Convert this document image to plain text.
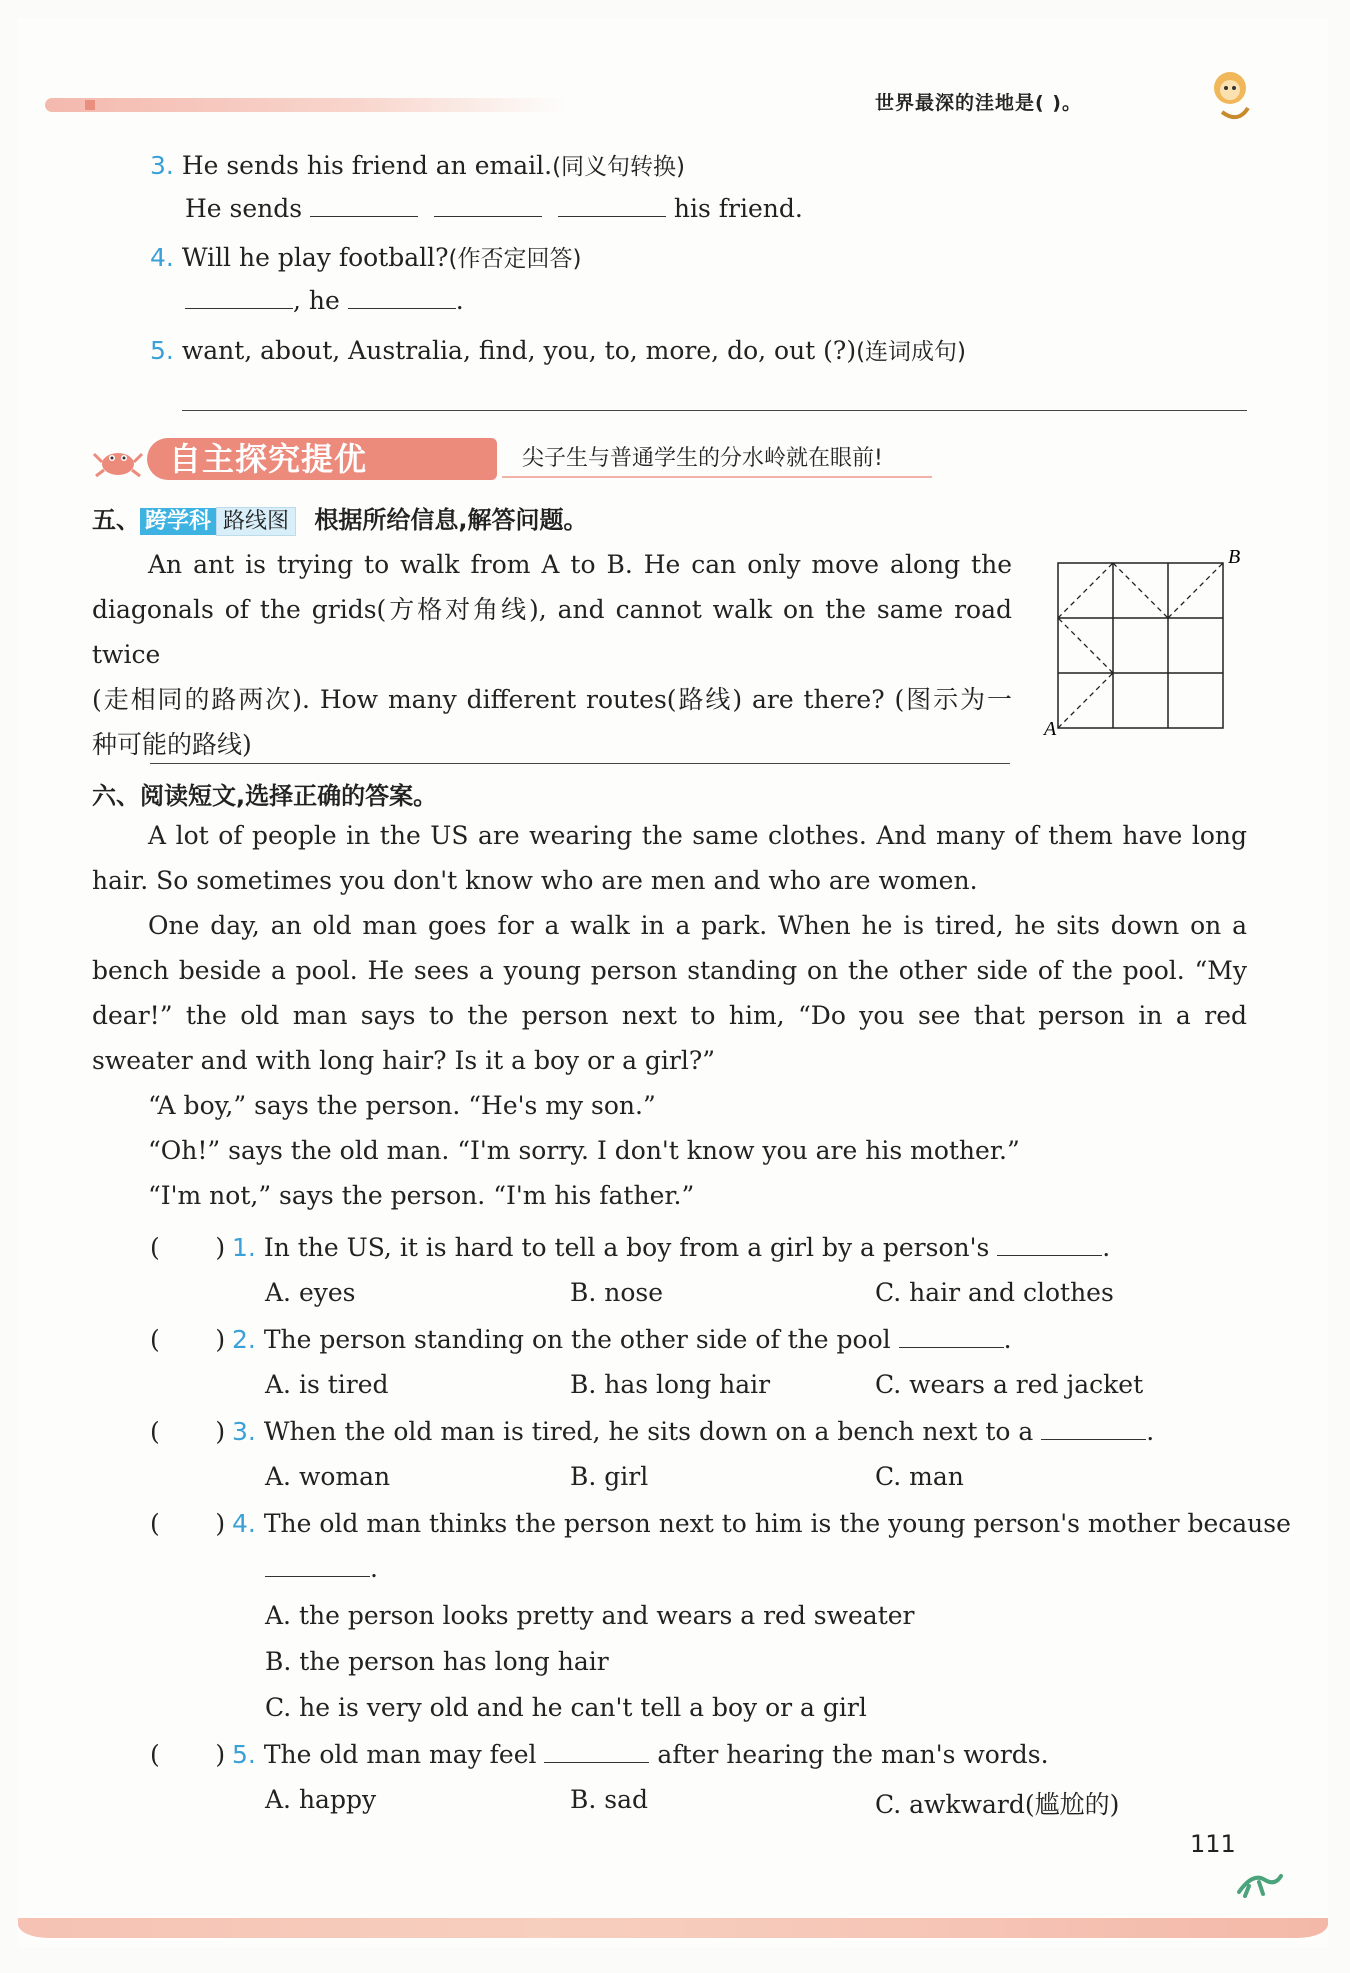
世界最深的洼地是( )。
3. He sends his friend an email.(同义句转换)
He sends	his friend.
4. Will he play football?(作否定回答)
, he	.
5. want, about, Australia, find, you, to, more, do, out (?)(连词成句)
自主探究提优	尖子生与普通学生的分水岭就在眼前!
五、 跨学科 路线图 根据所给信息,解答问题。
An ant is trying to walk from A to B. He can only move along the
diagonals of the grids(方格对角线), and cannot walk on the same road twice
(走相同的路两次). How many different routes(路线) are there? (图示为一
种可能的路线)
A
B
六、阅读短文,选择正确的答案。
A lot of people in the US are wearing the same clothes. And many of them have long hair. So sometimes you don't know who are men and who are women.
One day, an old man goes for a walk in a park. When he is tired, he sits down on a bench beside a pool. He sees a young person standing on the other side of the pool. “My dear!” the old man says to the person next to him, “Do you see that person in a red sweater and with long hair? Is it a boy or a girl?”
“A boy,” says the person. “He's my son.”
“Oh!” says the old man. “I'm sorry. I don't know you are his mother.”
“I'm not,” says the person. “I'm his father.”
(       ) 1. In the US, it is hard to tell a boy from a girl by a person's	.
A. eyes	B. nose	C. hair and clothes
(       ) 2. The person standing on the other side of the pool	.
A. is tired	B. has long hair	C. wears a red jacket
(       ) 3. When the old man is tired, he sits down on a bench next to a	.
A. woman	B. girl	C. man
(       ) 4. The old man thinks the person next to him is the young person's mother because
.
A. the person looks pretty and wears a red sweater
B. the person has long hair
C. he is very old and he can't tell a boy or a girl
(       ) 5. The old man may feel	after hearing the man's words.
A. happy	B. sad	C. awkward(尴尬的)
111
